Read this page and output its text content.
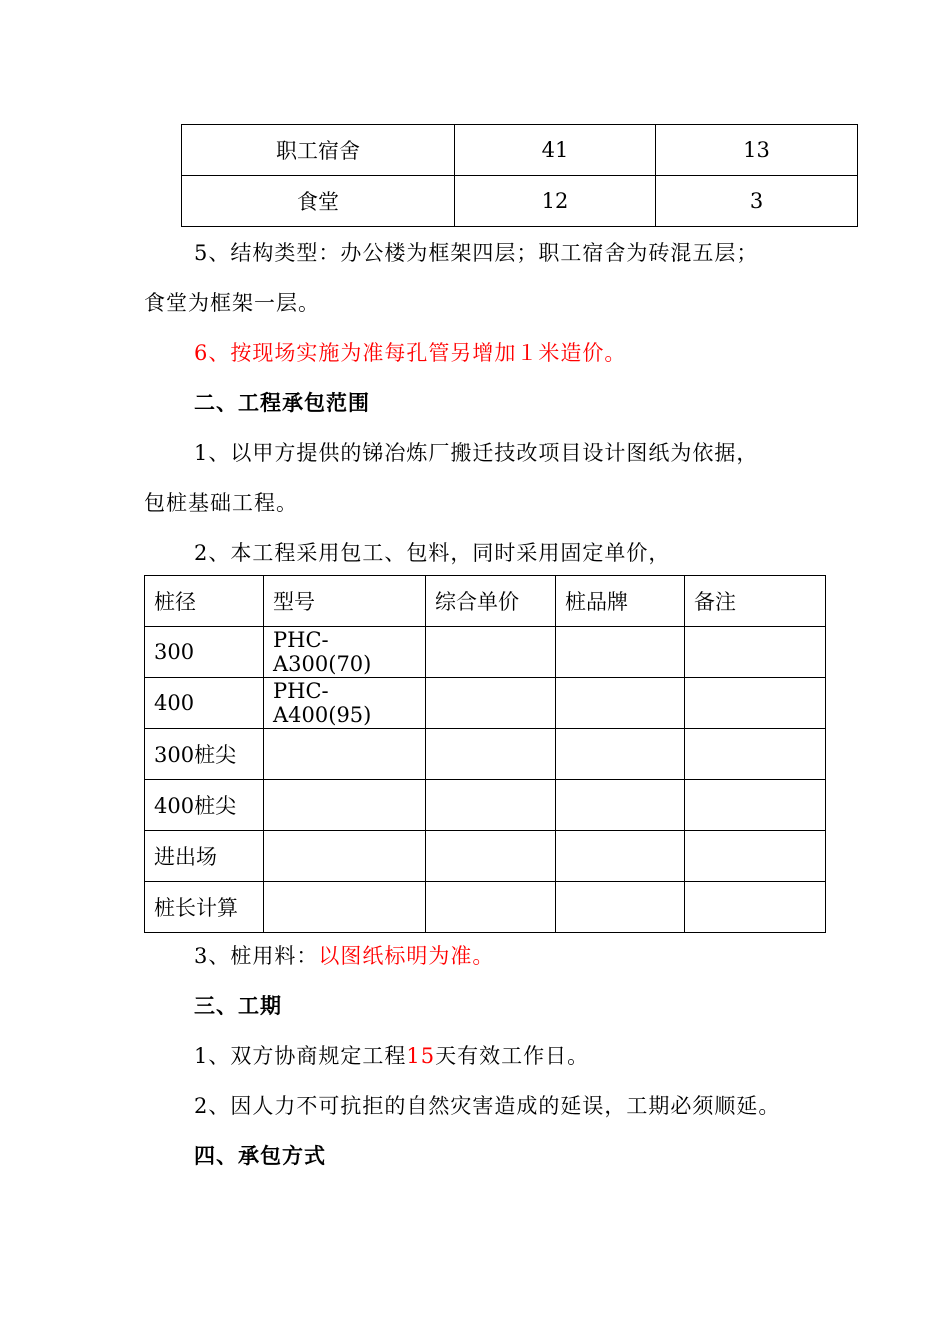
职工宿舍	41	13
食堂	12	3
5、结构类型：办公楼为框架四层；职工宿舍为砖混五层；
食堂为框架一层。
6、按现场实施为准每孔管另增加１米造价。
二、工程承包范围
1、以甲方提供的锑冶炼厂搬迁技改项目设计图纸为依据，
包桩基础工程。
2、本工程采用包工、包料，同时采用固定单价，
桩径	型号	综合单价	桩品牌	备注
300	PHC-A300(70)			
400	PHC-A400(95)			
300桩尖				
400桩尖				
进出场				
桩长计算				
3、桩用料：以图纸标明为准。
三、工期
1、双方协商规定工程15天有效工作日。
2、因人力不可抗拒的自然灾害造成的延误，工期必须顺延。
四、承包方式
